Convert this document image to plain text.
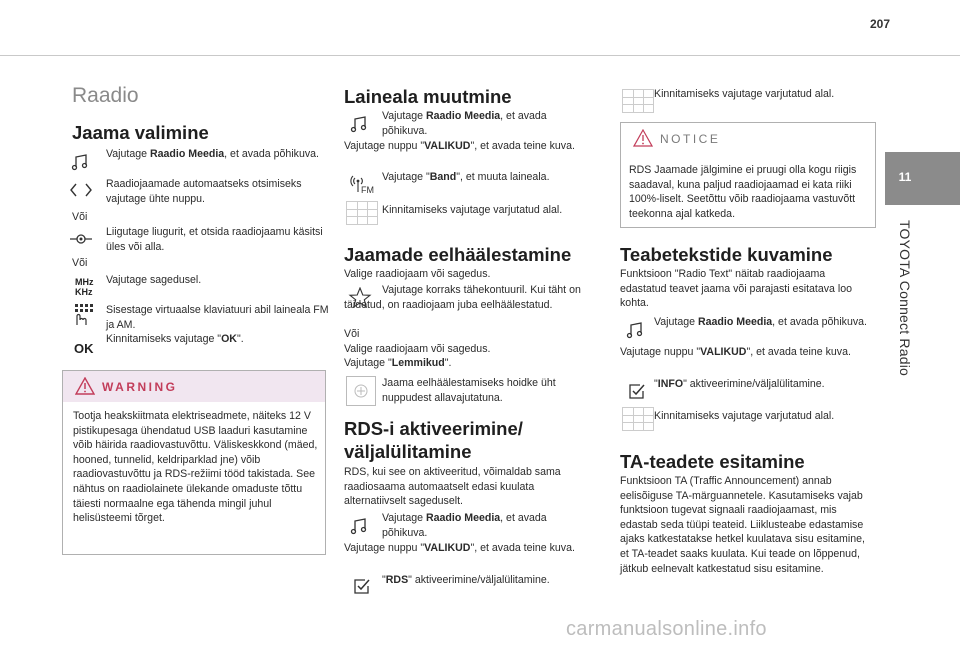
207
11
TOYOTA Connect Radio

Raadio

Jaama valimine

Vajutage Raadio Meedia, et avada põhikuva.

Raadiojaamade automaatseks otsimiseks vajutage ühte nuppu.

Või

Liigutage liugurit, et otsida raadiojaamu käsitsi üles või alla.

Või

MHz
KHz

Vajutage sagedusel.

Sisestage virtuaalse klaviatuuri abil laineala FM ja AM.

Kinnitamiseks vajutage "OK".

OK
WARNING

Tootja heakskiitmata elektriseadmete, näiteks 12 V pistikupesaga ühendatud USB laaduri kasutamine võib häirida raadiovastuvõttu. Väliskeskkond (mäed, hooned, tunnelid, keldriparklad jne) võib raadiovastuvõttu ja RDS-režiimi tööd takistada. See nähtus on raadiolainete ülekande omaduste tõttu täiesti normaalne ega tähenda mingil juhul helisüsteemi tõrget.

Laineala muutmine

Vajutage Raadio Meedia, et avada põhikuva.

Vajutage nuppu "VALIKUD", et avada teine kuva.

FM

Vajutage "Band", et muuta laineala.

Kinnitamiseks vajutage varjutatud alal.

Jaamade eelhäälestamine

Valige raadiojaam või sagedus.

Vajutage korraks tähekontuuril. Kui täht on täidetud, on raadiojaam juba eelhäälestatud.

Või

Valige raadiojaam või sagedus.

Vajutage "Lemmikud".

Jaama eelhäälestamiseks hoidke üht nuppudest allavajutatuna.

RDS-i aktiveerimine/

väljalülitamine

RDS, kui see on aktiveeritud, võimaldab sama raadiosaama automaatselt edasi kuulata alternatiivselt sageduselt.

Vajutage Raadio Meedia, et avada põhikuva.

Vajutage nuppu "VALIKUD", et avada teine kuva.

"RDS" aktiveerimine/väljalülitamine.

Kinnitamiseks vajutage varjutatud alal.

NOTICE

RDS Jaamade jälgimine ei pruugi olla kogu riigis saadaval, kuna paljud raadiojaamad ei kata riiki 100%-liselt. Seetõttu võib raadiojaama vastuvõtt teekonna ajal katkeda.

Teabetekstide kuvamine

Funktsioon "Radio Text" näitab raadiojaama edastatud teavet jaama või parajasti esitatava loo kohta.

Vajutage Raadio Meedia, et avada põhikuva.

Vajutage nuppu "VALIKUD", et avada teine kuva.

"INFO" aktiveerimine/väljalülitamine.

Kinnitamiseks vajutage varjutatud alal.

TA-teadete esitamine

Funktsioon TA (Traffic Announcement) annab eelisõiguse TA-märguannetele. Kasutamiseks vajab funktsioon tugevat signaali raadiojaamast, mis edastab seda tüüpi teateid. Liiklusteabe edastamise ajaks katkestatakse hetkel kuulatava sisu esitamine, et TA-teadet saaks kuulata. Kui teade on lõppenud, jätkub eelnevalt katkestatud sisu esitamine.

carmanualsonline.info
